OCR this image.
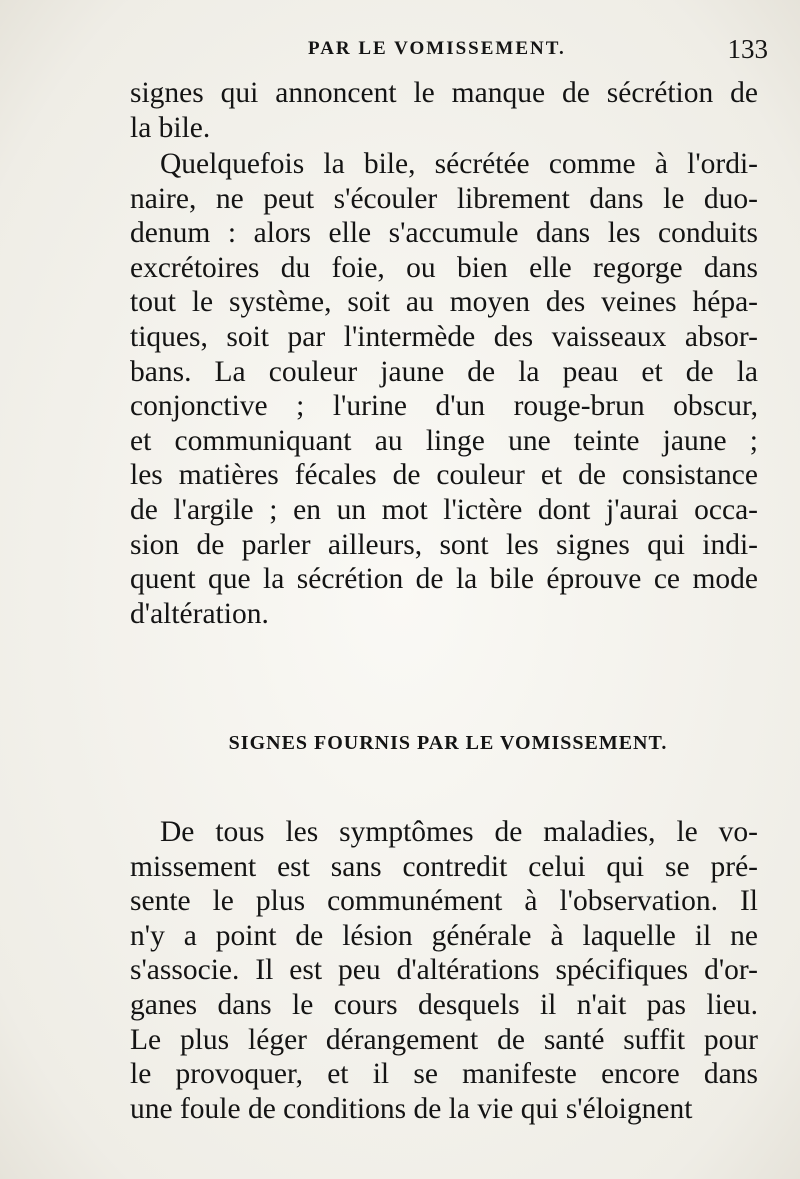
PAR LE VOMISSEMENT.	133
signes qui annoncent le manque de sécrétion de
la bile.
Quelquefois la bile, sécrétée comme à l'ordi-
naire, ne peut s'écouler librement dans le duo-
denum : alors elle s'accumule dans les conduits
excrétoires du foie, ou bien elle regorge dans
tout le système, soit au moyen des veines hépa-
tiques, soit par l'intermède des vaisseaux absor-
bans. La couleur jaune de la peau et de la
conjonctive ; l'urine d'un rouge-brun obscur,
et communiquant au linge une teinte jaune ;
les matières fécales de couleur et de consistance
de l'argile ; en un mot l'ictère dont j'aurai occa-
sion de parler ailleurs, sont les signes qui indi-
quent que la sécrétion de la bile éprouve ce mode
d'altération.
SIGNES FOURNIS PAR LE VOMISSEMENT.
De tous les symptômes de maladies, le vo-
missement est sans contredit celui qui se pré-
sente le plus communément à l'observation. Il
n'y a point de lésion générale à laquelle il ne
s'associe. Il est peu d'altérations spécifiques d'or-
ganes dans le cours desquels il n'ait pas lieu.
Le plus léger dérangement de santé suffit pour
le provoquer, et il se manifeste encore dans
une foule de conditions de la vie qui s'éloignent
